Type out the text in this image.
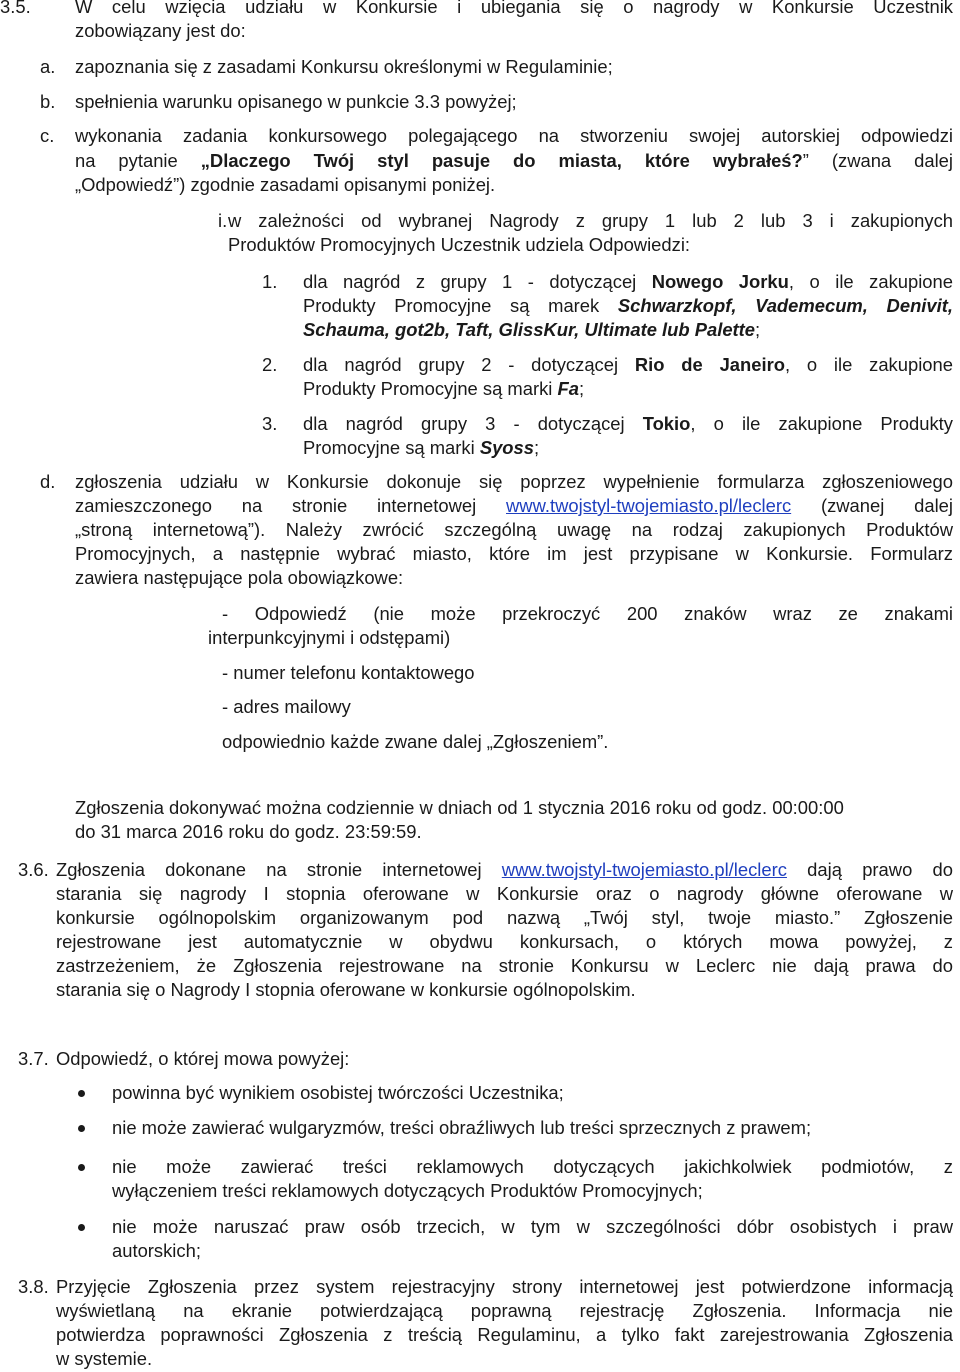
3.5. W celu wzięcia udziału w Konkursie i ubiegania się o nagrody w Konkursie Uczestnik
zobowiązany jest do:
a. zapoznania się z zasadami Konkursu określonymi w Regulaminie;
b. spełnienia warunku opisanego w punkcie 3.3 powyżej;
c. wykonania zadania konkursowego polegającego na stworzeniu swojej autorskiej odpowiedzi
na pytanie „Dlaczego Twój styl pasuje do miasta, które wybrałeś?” (zwana dalej
„Odpowiedź”) zgodnie zasadami opisanymi poniżej.
i. w zależności od wybranej Nagrody z grupy 1 lub 2 lub 3 i zakupionych
Produktów Promocyjnych Uczestnik udziela Odpowiedzi:
1. dla nagród z grupy 1 - dotyczącej Nowego Jorku, o ile zakupione
Produkty Promocyjne są marek Schwarzkopf, Vademecum, Denivit,
Schauma, got2b, Taft, GlissKur, Ultimate lub Palette;
2. dla nagród grupy 2 - dotyczącej Rio de Janeiro, o ile zakupione
Produkty Promocyjne są marki Fa;
3. dla nagród grupy 3 - dotyczącej Tokio, o ile zakupione Produkty
Promocyjne są marki Syoss;
d. zgłoszenia udziału w Konkursie dokonuje się poprzez wypełnienie formularza zgłoszeniowego
zamieszczonego na stronie internetowej www.twojstyl-twojemiasto.pl/leclerc (zwanej dalej
„stroną internetową”). Należy zwrócić szczególną uwagę na rodzaj zakupionych Produktów
Promocyjnych, a następnie wybrać miasto, które im jest przypisane w Konkursie. Formularz
zawiera następujące pola obowiązkowe:
- Odpowiedź (nie może przekroczyć 200 znaków wraz ze znakami
interpunkcyjnymi i odstępami)
- numer telefonu kontaktowego
- adres mailowy
odpowiednio każde zwane dalej „Zgłoszeniem”.
Zgłoszenia dokonywać można codziennie w dniach od 1 stycznia 2016 roku od godz. 00:00:00
do 31 marca 2016 roku do godz. 23:59:59.
3.6. Zgłoszenia dokonane na stronie internetowej www.twojstyl-twojemiasto.pl/leclerc dają prawo do
starania się nagrody I stopnia oferowane w Konkursie oraz o nagrody główne oferowane w
konkursie ogólnopolskim organizowanym pod nazwą „Twój styl, twoje miasto.” Zgłoszenie
rejestrowane jest automatycznie w obydwu konkursach, o których mowa powyżej, z
zastrzeżeniem, że Zgłoszenia rejestrowane na stronie Konkursu w Leclerc nie dają prawa do
starania się o Nagrody I stopnia oferowane w konkursie ogólnopolskim.
3.7. Odpowiedź, o której mowa powyżej:
powinna być wynikiem osobistej twórczości Uczestnika;
nie może zawierać wulgaryzmów, treści obraźliwych lub treści sprzecznych z prawem;
nie może zawierać treści reklamowych dotyczących jakichkolwiek podmiotów, z
wyłączeniem treści reklamowych dotyczących Produktów Promocyjnych;
nie może naruszać praw osób trzecich, w tym w szczególności dóbr osobistych i praw
autorskich;
3.8. Przyjęcie Zgłoszenia przez system rejestracyjny strony internetowej jest potwierdzone informacją
wyświetlaną na ekranie potwierdzającą poprawną rejestrację Zgłoszenia. Informacja nie
potwierdza poprawności Zgłoszenia z treścią Regulaminu, a tylko fakt zarejestrowania Zgłoszenia
w systemie.
